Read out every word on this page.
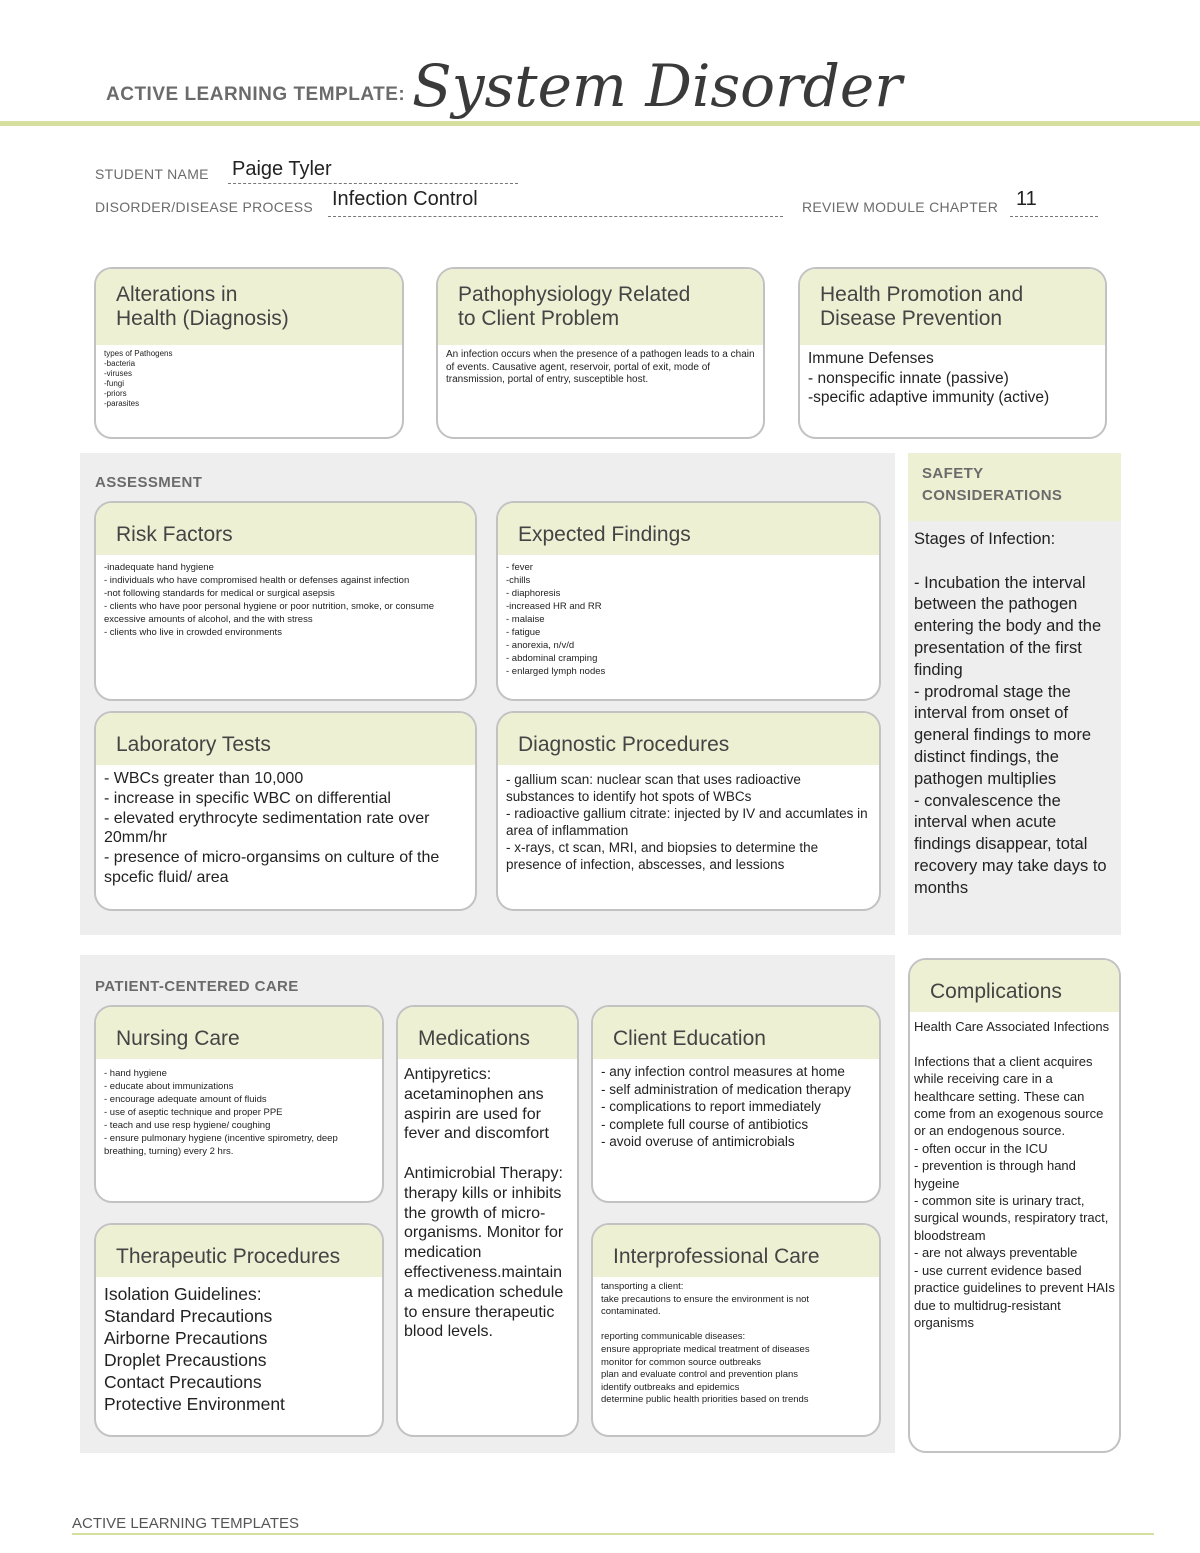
ACTIVE LEARNING TEMPLATE: System Disorder
STUDENT NAME Paige Tyler
DISORDER/DISEASE PROCESS Infection Control	REVIEW MODULE CHAPTER 11
Alterations in
Health (Diagnosis)
types of Pathogens
-bacteria
-viruses
-fungi
-priors
-parasites
Pathophysiology Related
to Client Problem
An infection occurs when the presence of a pathogen leads to a chain of events. Causative agent, reservoir, portal of exit, mode of transmission, portal of entry, susceptible host.
Health Promotion and
Disease Prevention
Immune Defenses
- nonspecific innate (passive)
-specific adaptive immunity (active)
ASSESSMENT
Risk Factors
-inadequate hand hygiene
- individuals who have compromised health or defenses against infection
-not following standards for medical or surgical asepsis
- clients who have poor personal hygiene or poor nutrition, smoke, or consume excessive amounts of alcohol, and the with stress
- clients who live in crowded environments
Expected Findings
- fever
-chills
- diaphoresis
-increased HR and RR
- malaise
- fatigue
- anorexia, n/v/d
- abdominal cramping
- enlarged lymph nodes
Laboratory Tests
- WBCs greater than 10,000
- increase in specific WBC on differential
- elevated erythrocyte sedimentation rate over 20mm/hr
- presence of micro-organsims on culture of the spcefic fluid/ area
Diagnostic Procedures
- gallium scan: nuclear scan that uses radioactive substances to identify hot spots of WBCs
- radioactive gallium citrate: injected by IV and accumlates in area of inflammation
- x-rays, ct scan, MRI, and biopsies to determine the presence of infection, abscesses, and lessions
SAFETY
CONSIDERATIONS
Stages of Infection:

- Incubation the interval between the pathogen entering the body and the presentation of the first finding
- prodromal stage the interval from onset of general findings to more distinct findings, the pathogen multiplies
- convalescence the interval when acute findings disappear, total recovery may take days to months
PATIENT-CENTERED CARE
Nursing Care
- hand hygiene
- educate about immunizations
- encourage adequate amount of fluids
- use of aseptic technique and proper PPE
- teach and use resp hygiene/ coughing
- ensure pulmonary hygiene (incentive spirometry, deep breathing, turning) every 2 hrs.
Medications
Antipyretics:
acetaminophen ans aspirin are used for fever and discomfort

Antimicrobial Therapy:
therapy kills or inhibits the growth of micro-organisms. Monitor for medication effectiveness.maintain a medication schedule to ensure therapeutic blood levels.
Client Education
- any infection control measures at home
- self administration of medication therapy
- complications to report immediately
- complete full course of antibiotics
- avoid overuse of antimicrobials
Therapeutic Procedures
Isolation Guidelines:
Standard Precautions
Airborne Precautions
Droplet Precaustions
Contact Precautions
Protective Environment
Interprofessional Care
tansporting a client:
take precautions to ensure the environment is not contaminated.

reporting communicable diseases:
ensure appropriate medical treatment of diseases
monitor for common source outbreaks
plan and evaluate control and prevention plans
identify outbreaks and epidemics
determine public health priorities based on trends
Complications
Health Care Associated Infections

Infections that a client acquires while receiving care in a healthcare setting. These can come from an exogenous source or an endogenous source.
- often occur in the ICU
- prevention is through hand hygeine
- common site is urinary tract, surgical wounds, respiratory tract, bloodstream
- are not always preventable
- use current evidence based practice guidelines to prevent HAIs due to multidrug-resistant organisms
ACTIVE LEARNING TEMPLATES
